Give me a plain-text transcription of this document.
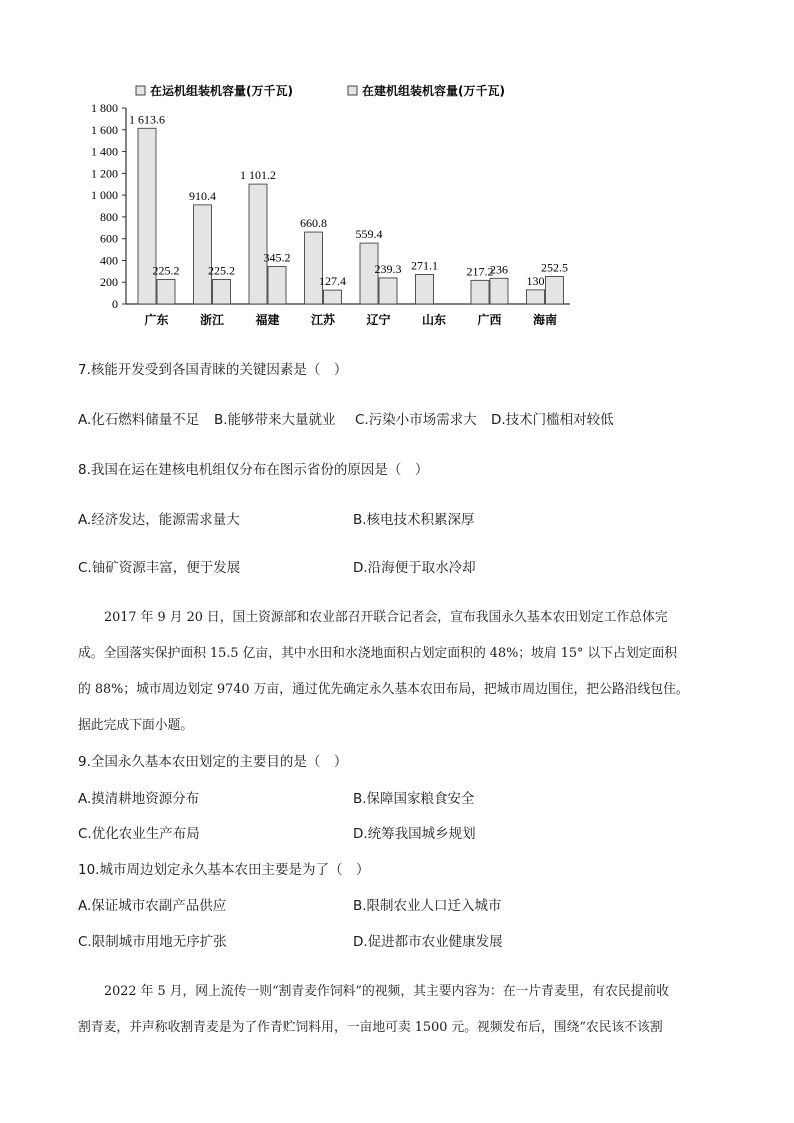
在运机组装机容量(万千瓦)	在建机组装机容量(万千瓦)
0
200
400
600
800
1 000
1 200
1 400
1 600
1 800
1 613.6
225.2
910.4
225.2
1 101.2
345.2
660.8
127.4
559.4
239.3 271.1 217.2
236
130
252.5
广东	浙江	福建	江苏	辽宁	山东	广西	海南
7.核能开发受到各国青睐的关键因素是（　）
A.化石燃料储量不足 B.能够带来大量就业 C.污染小市场需求大 D.技术门槛相对较低
8.我国在运在建核电机组仅分布在图示省份的原因是（　）
A.经济发达，能源需求量大	B.核电技术积累深厚
C.铀矿资源丰富，便于发展	D.沿海便于取水冷却

2017 年 9 月 20 日，国土资源部和农业部召开联合记者会，宣布我国永久基本农田划定工作总体完

成。全国落实保护面积 15.5 亿亩，其中水田和水浇地面积占划定面积的 48%；坡肩 15° 以下占划定面积

的 88%；城市周边划定 9740 万亩，通过优先确定永久基本农田布局，把城市周边围住，把公路沿线包住。

据此完成下面小题。

9.全国永久基本农田划定的主要目的是（　）
A.摸清耕地资源分布	B.保障国家粮食安全
C.优化农业生产布局	D.统筹我国城乡规划
10.城市周边划定永久基本农田主要是为了（　）
A.保证城市农副产品供应	B.限制农业人口迁入城市
C.限制城市用地无序扩张	D.促进都市农业健康发展

2022 年 5 月，网上流传一则“割青麦作饲料”的视频，其主要内容为：在一片青麦里，有农民提前收

割青麦，并声称收割青麦是为了作青贮饲料用，一亩地可卖 1500 元。视频发布后，围绕“农民该不该割
